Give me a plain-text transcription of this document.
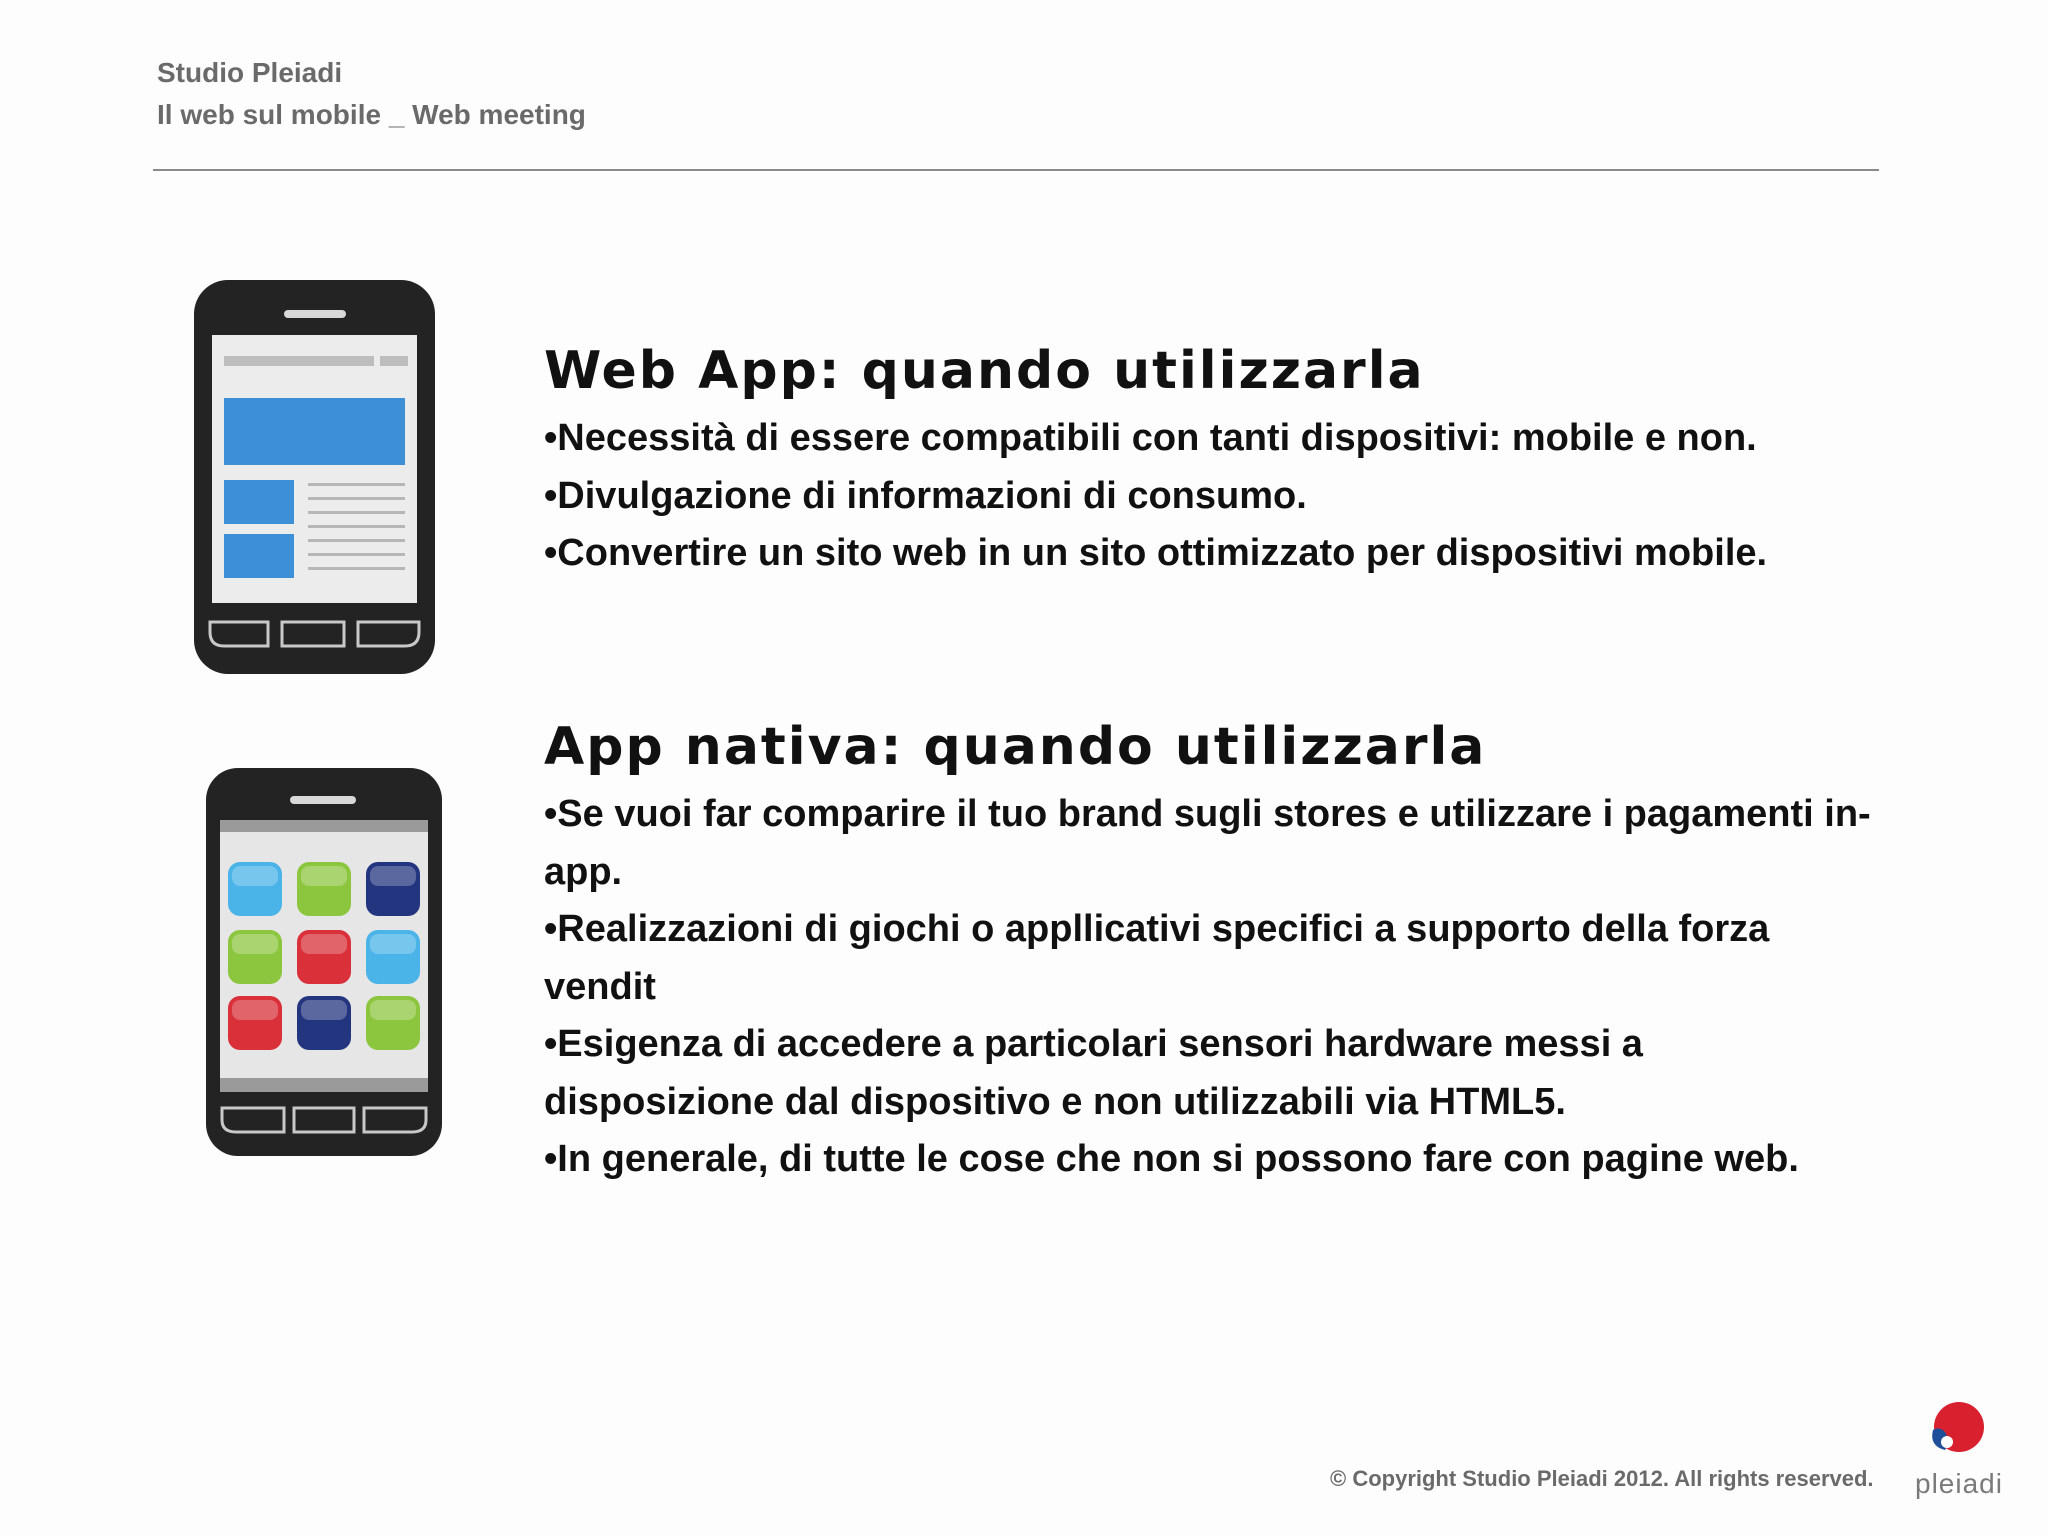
Studio Pleiadi
Il web sul mobile _ Web meeting
Web App: quando utilizzarla
•Necessità di essere compatibili con tanti dispositivi: mobile e non.
•Divulgazione di informazioni di consumo.
•Convertire un sito web in un sito ottimizzato per dispositivi mobile.
App nativa: quando utilizzarla
•Se vuoi far comparire il tuo brand sugli stores e utilizzare i pagamenti in-app.
•Realizzazioni di giochi o appllicativi specifici a supporto della forza vendit
•Esigenza di accedere a particolari sensori hardware messi a disposizione dal dispositivo e non utilizzabili via HTML5.
•In generale, di tutte le cose che non si possono fare con pagine web.
© Copyright Studio Pleiadi 2012. All rights reserved. pleiadi
